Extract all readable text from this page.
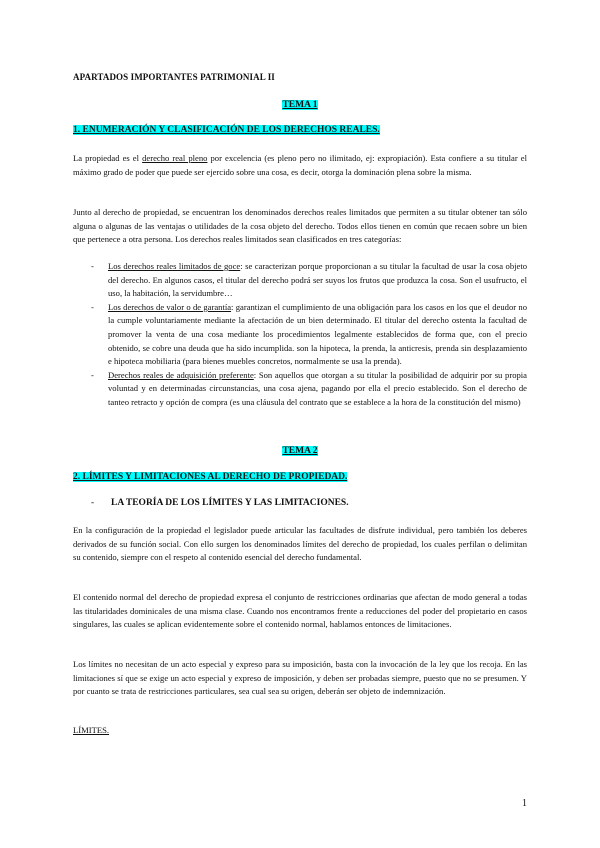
APARTADOS IMPORTANTES PATRIMONIAL II
TEMA 1
1. ENUMERACIÓN Y CLASIFICACIÓN DE LOS DERECHOS REALES.
La propiedad es el derecho real pleno por excelencia (es pleno pero no ilimitado, ej: expropiación). Esta confiere a su titular el máximo grado de poder que puede ser ejercido sobre una cosa, es decir, otorga la dominación plena sobre la misma.
Junto al derecho de propiedad, se encuentran los denominados derechos reales limitados que permiten a su titular obtener tan sólo alguna o algunas de las ventajas o utilidades de la cosa objeto del derecho. Todos ellos tienen en común que recaen sobre un bien que pertenece a otra persona. Los derechos reales limitados sean clasificados en tres categorías:
- Los derechos reales limitados de goce: se caracterizan porque proporcionan a su titular la facultad de usar la cosa objeto del derecho. En algunos casos, el titular del derecho podrá ser suyos los frutos que produzca la cosa. Son el usufructo, el uso, la habitación, la servidumbre…
- Los derechos de valor o de garantía: garantizan el cumplimiento de una obligación para los casos en los que el deudor no la cumple voluntariamente mediante la afectación de un bien determinado. El titular del derecho ostenta la facultad de promover la venta de una cosa mediante los procedimientos legalmente establecidos de forma que, con el precio obtenido, se cobre una deuda que ha sido incumplida. son la hipoteca, la prenda, la anticresis, prenda sin desplazamiento e hipoteca mobiliaria (para bienes muebles concretos, normalmente se usa la prenda).
- Derechos reales de adquisición preferente: Son aquellos que otorgan a su titular la posibilidad de adquirir por su propia voluntad y en determinadas circunstancias, una cosa ajena, pagando por ella el precio establecido. Son el derecho de tanteo retracto y opción de compra (es una cláusula del contrato que se establece a la hora de la constitución del mismo)
TEMA 2
2. LÍMITES Y LIMITACIONES AL DERECHO DE PROPIEDAD.
- LA TEORÍA DE LOS LÍMITES Y LAS LIMITACIONES.
En la configuración de la propiedad el legislador puede articular las facultades de disfrute individual, pero también los deberes derivados de su función social. Con ello surgen los denominados límites del derecho de propiedad, los cuales perfilan o delimitan su contenido, siempre con el respeto al contenido esencial del derecho fundamental.
El contenido normal del derecho de propiedad expresa el conjunto de restricciones ordinarias que afectan de modo general a todas las titularidades dominicales de una misma clase. Cuando nos encontramos frente a reducciones del poder del propietario en casos singulares, las cuales se aplican evidentemente sobre el contenido normal, hablamos entonces de limitaciones.
Los límites no necesitan de un acto especial y expreso para su imposición, basta con la invocación de la ley que los recoja. En las limitaciones sí que se exige un acto especial y expreso de imposición, y deben ser probadas siempre, puesto que no se presumen. Y por cuanto se trata de restricciones particulares, sea cual sea su origen, deberán ser objeto de indemnización.
LÍMITES.
1
